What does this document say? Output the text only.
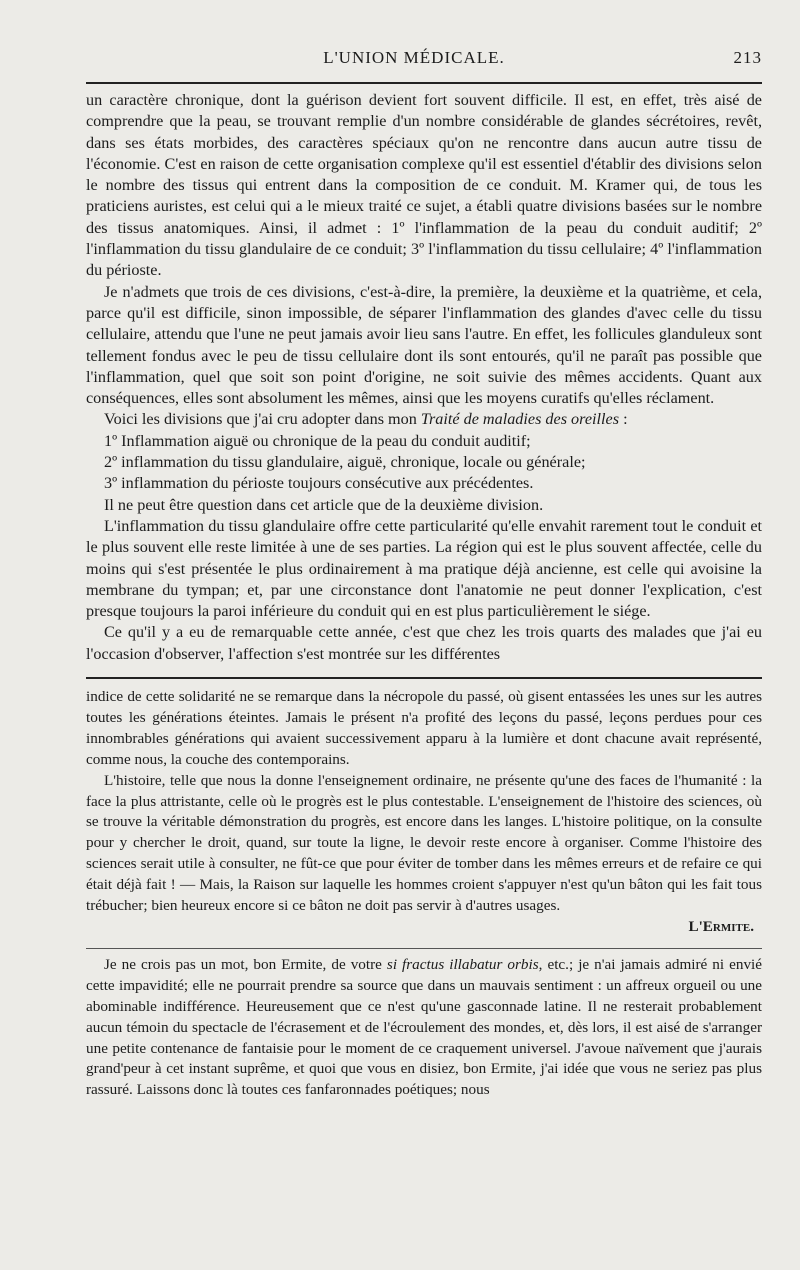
L'UNION MÉDICALE.	213

un caractère chronique, dont la guérison devient fort souvent difficile. Il est, en effet, très aisé de comprendre que la peau, se trouvant remplie d'un nombre considérable de glandes sécrétoires, revêt, dans ses états morbides, des caractères spéciaux qu'on ne rencontre dans aucun autre tissu de l'économie. C'est en raison de cette organisation complexe qu'il est essentiel d'établir des divisions selon le nombre des tissus qui entrent dans la composition de ce conduit. M. Kramer qui, de tous les praticiens auristes, est celui qui a le mieux traité ce sujet, a établi quatre divisions basées sur le nombre des tissus anatomiques. Ainsi, il admet : 1º l'inflammation de la peau du conduit auditif; 2º l'inflammation du tissu glandulaire de ce conduit; 3º l'inflammation du tissu cellulaire; 4º l'inflammation du périoste.

Je n'admets que trois de ces divisions, c'est-à-dire, la première, la deuxième et la quatrième, et cela, parce qu'il est difficile, sinon impossible, de séparer l'inflammation des glandes d'avec celle du tissu cellulaire, attendu que l'une ne peut jamais avoir lieu sans l'autre. En effet, les follicules glanduleux sont tellement fondus avec le peu de tissu cellulaire dont ils sont entourés, qu'il ne paraît pas possible que l'inflammation, quel que soit son point d'origine, ne soit suivie des mêmes accidents. Quant aux conséquences, elles sont absolument les mêmes, ainsi que les moyens curatifs qu'elles réclament.

Voici les divisions que j'ai cru adopter dans mon Traité de maladies des oreilles :

1º Inflammation aiguë ou chronique de la peau du conduit auditif;

2º inflammation du tissu glandulaire, aiguë, chronique, locale ou générale;

3º inflammation du périoste toujours consécutive aux précédentes.

Il ne peut être question dans cet article que de la deuxième division.

L'inflammation du tissu glandulaire offre cette particularité qu'elle envahit rarement tout le conduit et le plus souvent elle reste limitée à une de ses parties. La région qui est le plus souvent affectée, celle du moins qui s'est présentée le plus ordinairement à ma pratique déjà ancienne, est celle qui avoisine la membrane du tympan; et, par une circonstance dont l'anatomie ne peut donner l'explication, c'est presque toujours la paroi inférieure du conduit qui en est plus particulièrement le siége.

Ce qu'il y a eu de remarquable cette année, c'est que chez les trois quarts des malades que j'ai eu l'occasion d'observer, l'affection s'est montrée sur les différentes

indice de cette solidarité ne se remarque dans la nécropole du passé, où gisent entassées les unes sur les autres toutes les générations éteintes. Jamais le présent n'a profité des leçons du passé, leçons perdues pour ces innombrables générations qui avaient successivement apparu à la lumière et dont chacune avait représenté, comme nous, la couche des contemporains.

L'histoire, telle que nous la donne l'enseignement ordinaire, ne présente qu'une des faces de l'humanité : la face la plus attristante, celle où le progrès est le plus contestable. L'enseignement de l'histoire des sciences, où se trouve la véritable démonstration du progrès, est encore dans les langes. L'histoire politique, on la consulte pour y chercher le droit, quand, sur toute la ligne, le devoir reste encore à organiser. Comme l'histoire des sciences serait utile à consulter, ne fût-ce que pour éviter de tomber dans les mêmes erreurs et de refaire ce qui était déjà fait ! — Mais, la Raison sur laquelle les hommes croient s'appuyer n'est qu'un bâton qui les fait tous trébucher; bien heureux encore si ce bâton ne doit pas servir à d'autres usages.

L'Ermite.

Je ne crois pas un mot, bon Ermite, de votre si fractus illabatur orbis, etc.; je n'ai jamais admiré ni envié cette impavidité; elle ne pourrait prendre sa source que dans un mauvais sentiment : un affreux orgueil ou une abominable indifférence. Heureusement que ce n'est qu'une gasconnade latine. Il ne resterait probablement aucun témoin du spectacle de l'écrasement et de l'écroulement des mondes, et, dès lors, il est aisé de s'arranger une petite contenance de fantaisie pour le moment de ce craquement universel. J'avoue naïvement que j'aurais grand'peur à cet instant suprême, et quoi que vous en disiez, bon Ermite, j'ai idée que vous ne seriez pas plus rassuré. Laissons donc là toutes ces fanfaronnades poétiques; nous
